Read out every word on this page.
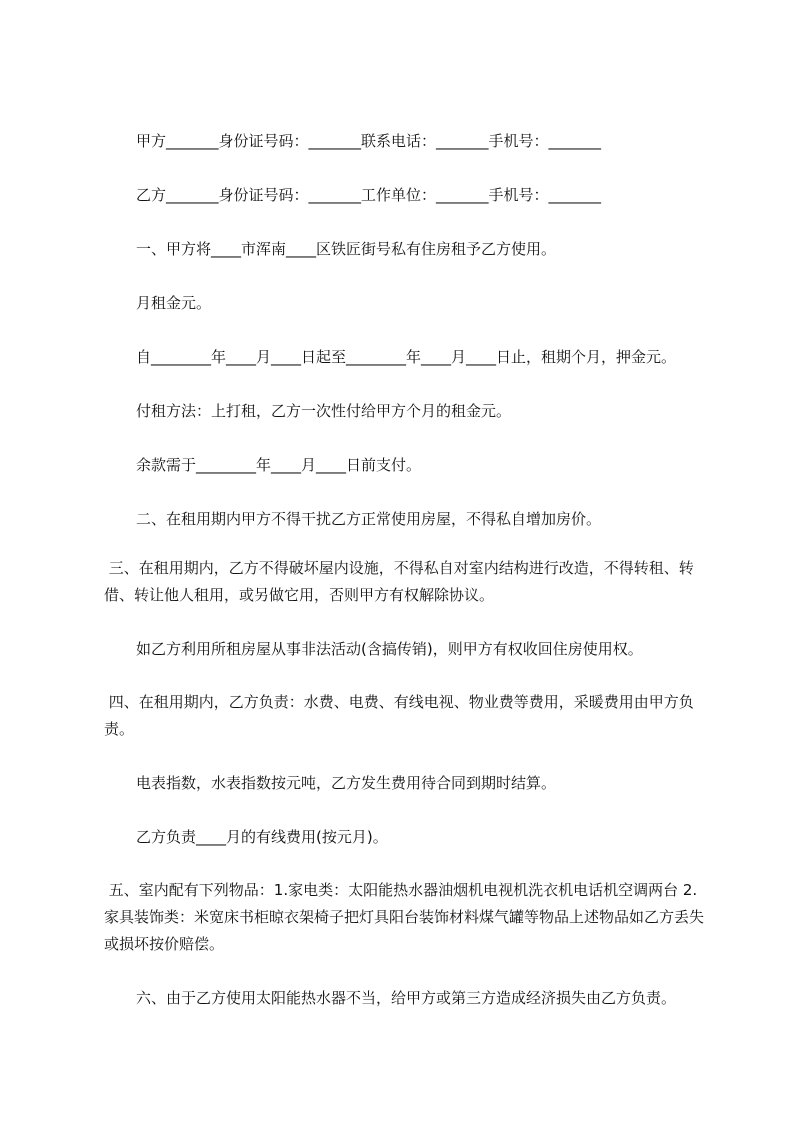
甲方_______身份证号码：_______联系电话：_______手机号：_______

乙方_______身份证号码：_______工作单位：_______手机号：_______

一、甲方将____市浑南____区铁匠街号私有住房租予乙方使用。

月租金元。

自________年____月____日起至________年____月____日止，租期个月，押金元。

付租方法：上打租，乙方一次性付给甲方个月的租金元。

余款需于________年____月____日前支付。

二、在租用期内甲方不得干扰乙方正常使用房屋，不得私自增加房价。

三、在租用期内，乙方不得破坏屋内设施，不得私自对室内结构进行改造，不得转租、转借、转让他人租用，或另做它用，否则甲方有权解除协议。

如乙方利用所租房屋从事非法活动(含搞传销)，则甲方有权收回住房使用权。

四、在租用期内，乙方负责：水费、电费、有线电视、物业费等费用，采暖费用由甲方负责。

电表指数，水表指数按元吨，乙方发生费用待合同到期时结算。

乙方负责____月的有线费用(按元月)。

五、室内配有下列物品：1.家电类：太阳能热水器油烟机电视机洗衣机电话机空调两台 2.家具装饰类：米宽床书柜晾衣架椅子把灯具阳台装饰材料煤气罐等物品上述物品如乙方丢失或损坏按价赔偿。

六、由于乙方使用太阳能热水器不当，给甲方或第三方造成经济损失由乙方负责。
